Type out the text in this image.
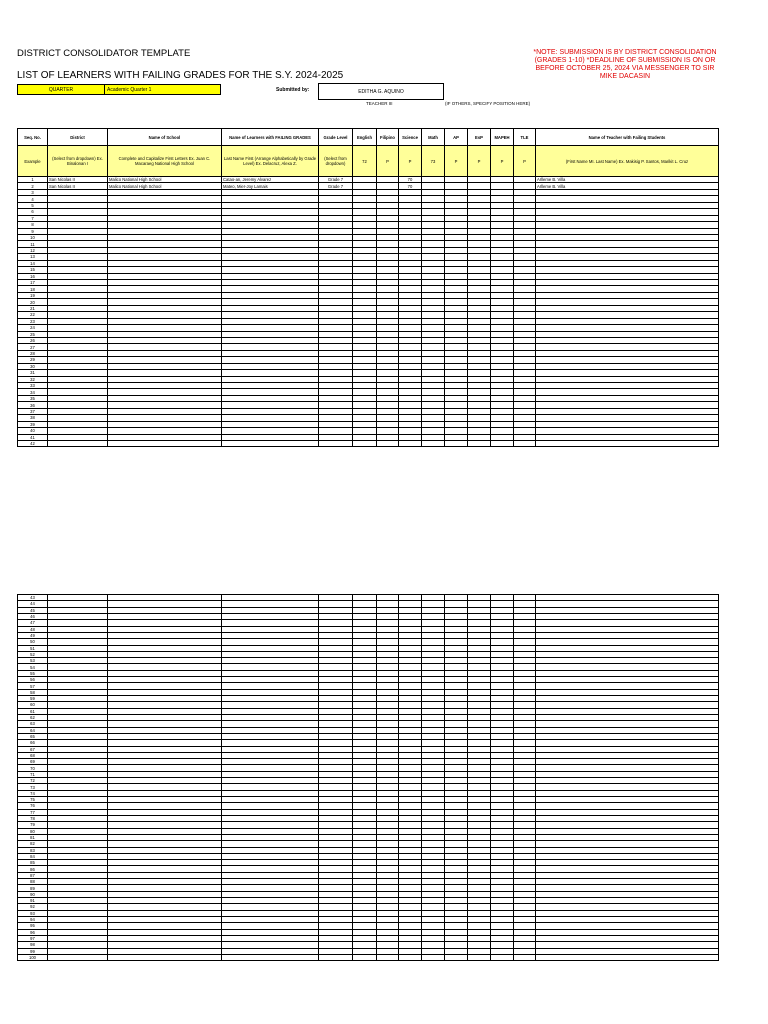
DISTRICT CONSOLIDATOR TEMPLATE
LIST OF LEARNERS WITH FAILING GRADES FOR THE S.Y. 2024-2025
*NOTE: SUBMISSION IS BY DISTRICT CONSOLIDATION (GRADES 1-10) *DEADLINE OF SUBMISSION IS ON OR BEFORE OCTOBER 25, 2024 VIA MESSENGER TO SIR MIKE DACASIN
QUARTER	Academic Quarter 1	Submitted by:	EDITHA G. AQUINO
TEACHER III	(IF OTHERS, SPECIFY POSITION HERE)
Seq. No.	District	Name of School	Name of Learners with FAILING GRADES	Grade Level	English	Filipino	Science	Math	AP	EsP	MAPEH	TLE	Name of Teacher with Failing Students
Example	(Select from dropdown) Ex. Binalonan I	Complete and Capitalize First Letters Ex. Juan C. Macaraeg National High School	Last Name First (Arrange Alphabetically by Grade Level) Ex. Delacruz, Alexa Z.	(Select from dropdown)	72	P	P	73	P	P	P	P	(First Name MI. Last Name) Ex. Makisig P. Santos, Marikit L. Cruz
1	San Nicolas II	Malico National High School	Catao-an, Jeremy Alvarez	Grade 7			70						Arlleme B. Villa
2	San Nicolas II	Malico National High School	Mateo, Mier-Joy Lamais	Grade 7			70						Arlleme B. Villa
3													
4													
5													
6													
7													
8													
9													
10													
11													
12													
13													
14													
15													
16													
17													
18													
19													
20													
21													
22													
23													
24													
25													
26													
27													
28													
29													
30													
31													
32													
33													
34													
35													
36													
37													
38													
39													
40													
41													
42													
43													
44													
45													
46													
47													
48													
49													
50													
51													
52													
53													
54													
55													
56													
57													
58													
59													
60													
61													
62													
63													
64													
65													
66													
67													
68													
69													
70													
71													
72													
73													
74													
75													
76													
77													
78													
79													
80													
81													
82													
83													
84													
85													
86													
87													
88													
89													
90													
91													
92													
93													
94													
95													
96													
97													
98													
99													
100													
